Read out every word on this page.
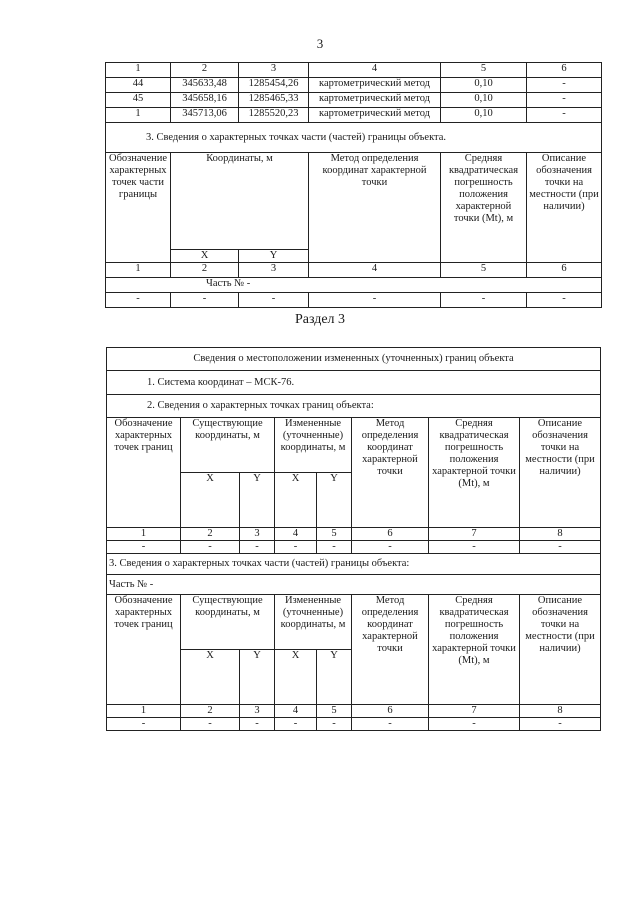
3
1	2	3	4	5	6
44	345633,48	1285454,26	картометрический метод	0,10	-
45	345658,16	1285465,33	картометрический метод	0,10	-
1	345713,06	1285520,23	картометрический метод	0,10	-
3. Сведения о характерных точках части (частей) границы объекта.					
Обозначение характерных точек части границы	Координаты, м		Метод определения координат характерной точки	Средняя квадратическая погрешность положения характерной точки (Mt), м	Описание обозначения точки на местности (при наличии)
	X	Y			
1	2	3	4	5	6
Часть № -					
-	-	-	-	-	-
Раздел 3
Сведения о местоположении измененных (уточненных) границ объекта							
1. Система координат – МСК-76.							
2. Сведения о характерных точках границ объекта:							
Обозначение характерных точек границ	Существующие координаты, м		Измененные (уточненные) координаты, м		Метод определения координат характерной точки	Средняя квадратическая погрешность положения характерной точки (Mt), м	Описание обозначения точки на местности (при наличии)
	X	Y	X	Y			
1	2	3	4	5	6	7	8
-	-	-	-	-	-	-	-
3. Сведения о характерных точках части (частей) границы объекта:							
Часть № -							
Обозначение характерных точек границ	Существующие координаты, м		Измененные (уточненные) координаты, м		Метод определения координат характерной точки	Средняя квадратическая погрешность положения характерной точки (Mt), м	Описание обозначения точки на местности (при наличии)
	X	Y	X	Y			
1	2	3	4	5	6	7	8
-	-	-	-	-	-	-	-
